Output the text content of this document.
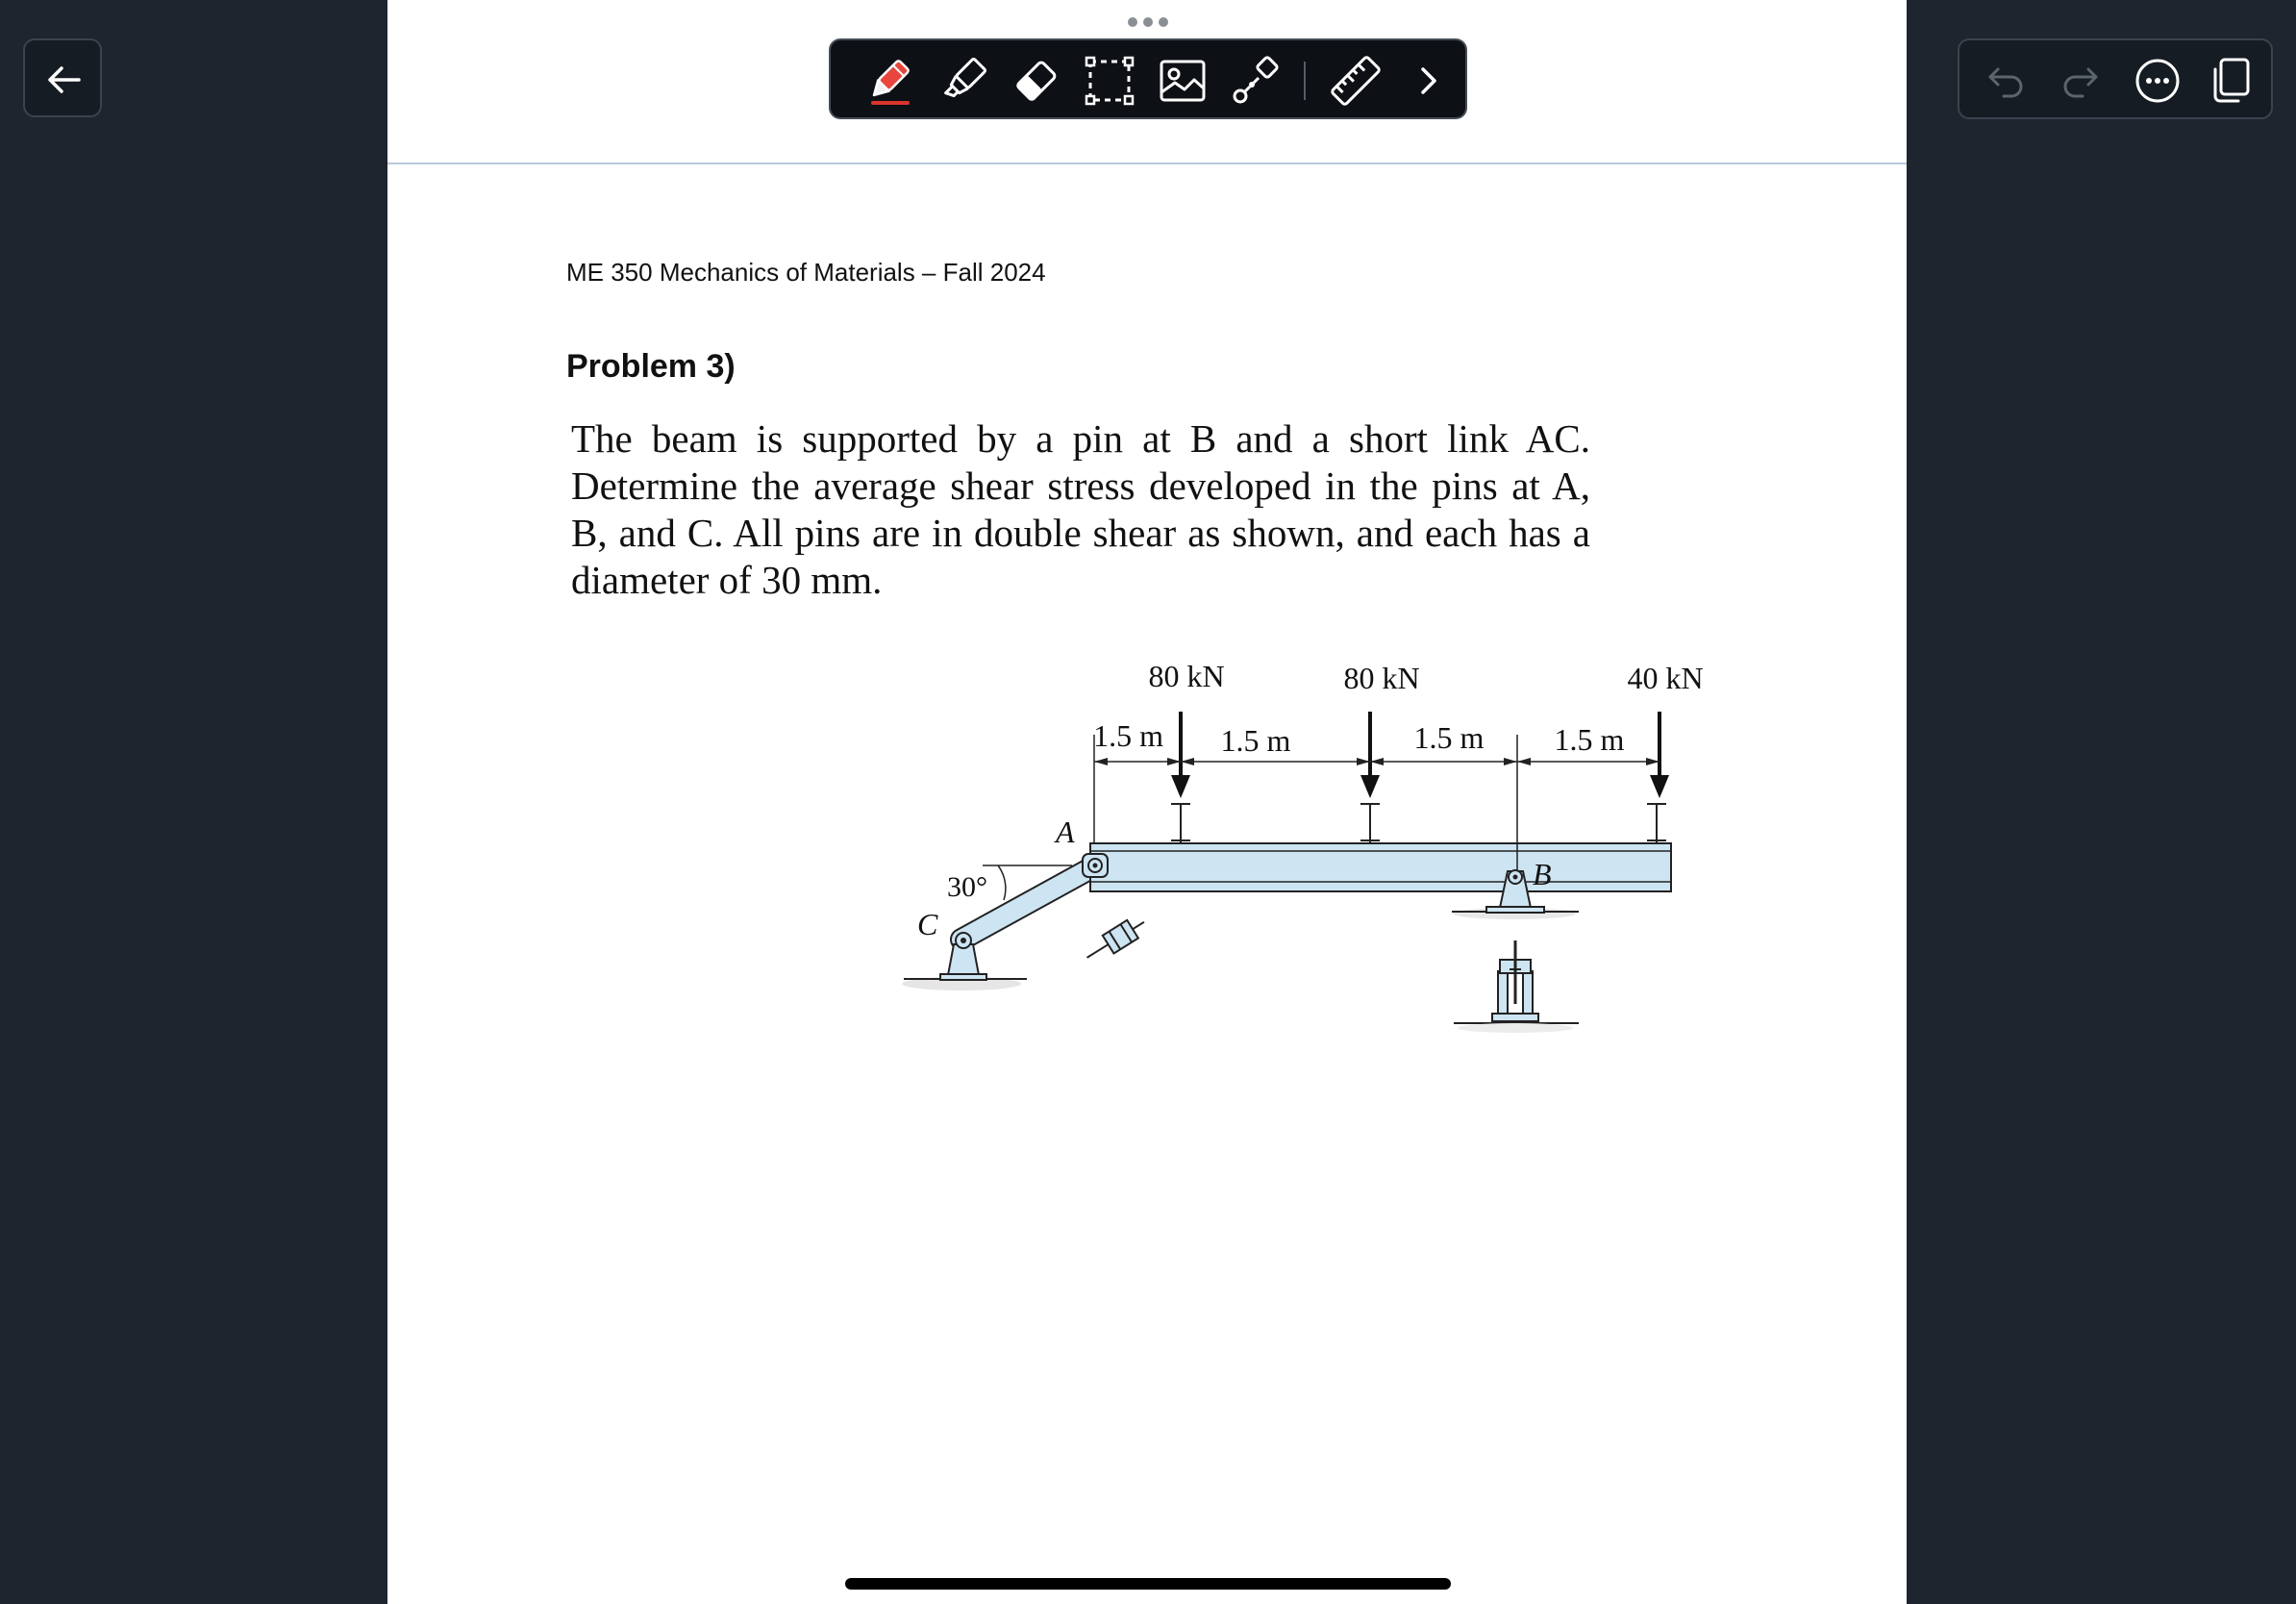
ME 350 Mechanics of Materials – Fall 2024
Problem 3)
The beam is supported by a pin at B and a short link AC. Determine the average shear stress developed in the pins at A, B, and C. All pins are in double shear as shown, and each has a diameter of 30 mm.
80 kN	80 kN	40 kN
1.5 m 1.5 m	1.5 m 1.5 m
30°
A
B
C
